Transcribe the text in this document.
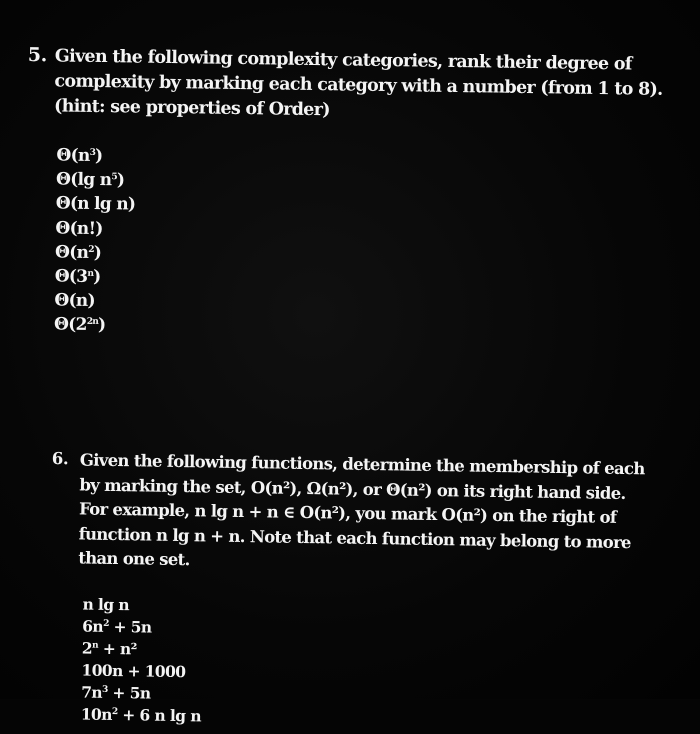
5. Given the following complexity categories, rank their degree of complexity by marking each category with a number (from 1 to 8). (hint: see properties of Order)
$\Theta(n^3)$
Θ(lg $n^5$)
Θ(n lg n)
Θ(n!)
$\Theta(n^2)$
Θ(3$^n$)
Θ(n)
$\Theta(2^{2n})$
6. Given the following functions, determine the membership of each by marking the set, O(n²), Ω(n²), or Θ(n²) on its right hand side. For example, n lg n + n ∈ O(n²), you mark O(n²) on the right of function n lg n + n. Note that each function may belong to more than one set.
n lg n
$6n^2 + 5n$
$2^n + n^2$
100n + 1000
$7n^3 + 5n$
$10n^2 + 6$ n lg n
